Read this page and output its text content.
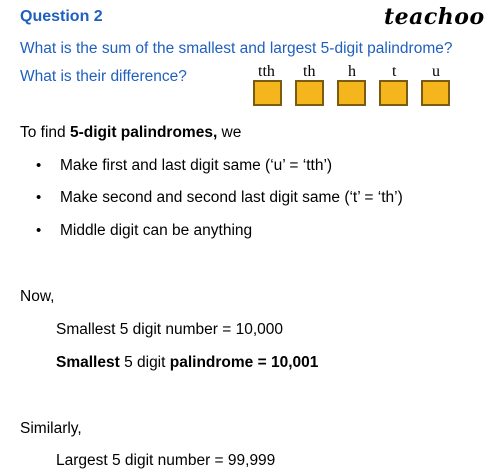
Question 2	teachoo
What is the sum of the smallest and largest 5-digit palindrome?
What is their difference?	tth th h t u
To find 5-digit palindromes, we
• Make first and last digit same (‘u’ = ‘tth’)
• Make second and second last digit same (‘t’ = ‘th’)
• Middle digit can be anything
Now,
Smallest 5 digit number = 10,000
Smallest 5 digit palindrome = 10,001
Similarly,
Largest 5 digit number = 99,999
